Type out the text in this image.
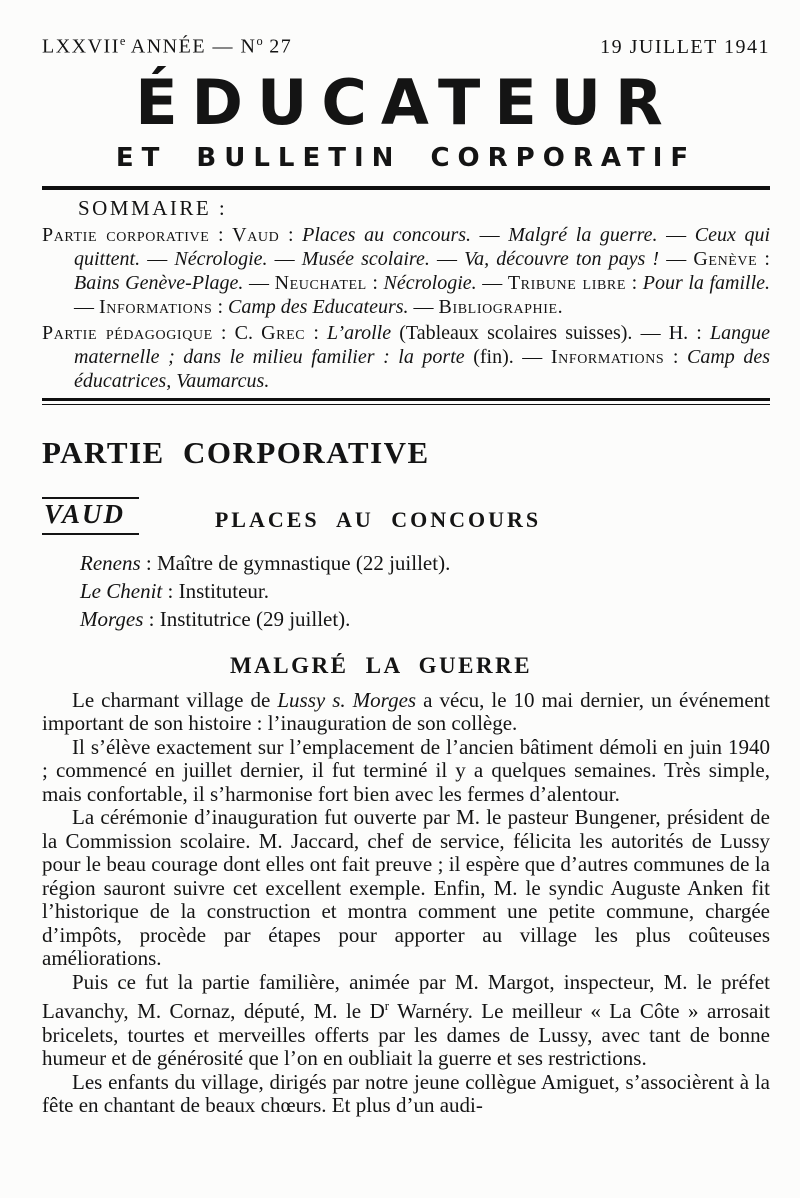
LXXVIIe ANNÉE — $N^o$ 27	19 JUILLET 1941
ÉDUCATEUR
ET BULLETIN CORPORATIF
SOMMAIRE :
Partie corporative : Vaud : Places au concours. — Malgré la guerre. — Ceux qui quittent. — Nécrologie. — Musée scolaire. — Va, découvre ton pays ! — Genève : Bains Genève-Plage. — Neuchatel : Nécrologie. — Tribune libre : Pour la famille. — Informations : Camp des Educateurs. — Bibliographie.
Partie pédagogique : C. Grec : L’arolle (Tableaux scolaires suisses). — H. : Langue maternelle ; dans le milieu familier : la porte (fin). — Informations : Camp des éducatrices, Vaumarcus.
PARTIE CORPORATIVE
VAUD	PLACES AU CONCOURS
Renens : Maître de gymnastique (22 juillet).
Le Chenit : Instituteur.
Morges : Institutrice (29 juillet).
MALGRÉ LA GUERRE

Le charmant village de Lussy s. Morges a vécu, le 10 mai dernier, un événement important de son histoire : l’inauguration de son collège.

Il s’élève exactement sur l’emplacement de l’ancien bâtiment démoli en juin 1940 ; commencé en juillet dernier, il fut terminé il y a quelques semaines. Très simple, mais confortable, il s’harmonise fort bien avec les fermes d’alentour.

La cérémonie d’inauguration fut ouverte par M. le pasteur Bungener, président de la Commission scolaire. M. Jaccard, chef de service, félicita les autorités de Lussy pour le beau courage dont elles ont fait preuve ; il espère que d’autres communes de la région sauront suivre cet excellent exemple. Enfin, M. le syndic Auguste Anken fit l’historique de la construction et montra comment une petite commune, chargée d’impôts, procède par étapes pour apporter au village les plus coûteuses améliorations.

Puis ce fut la partie familière, animée par M. Margot, inspecteur, M. le préfet Lavanchy, M. Cornaz, député, M. le $D^r$ Warnéry. Le meilleur « La Côte » arrosait bricelets, tourtes et merveilles offerts par les dames de Lussy, avec tant de bonne humeur et de générosité que l’on en oubliait la guerre et ses restrictions.

Les enfants du village, dirigés par notre jeune collègue Amiguet, s’associèrent à la fête en chantant de beaux chœurs. Et plus d’un audi-
